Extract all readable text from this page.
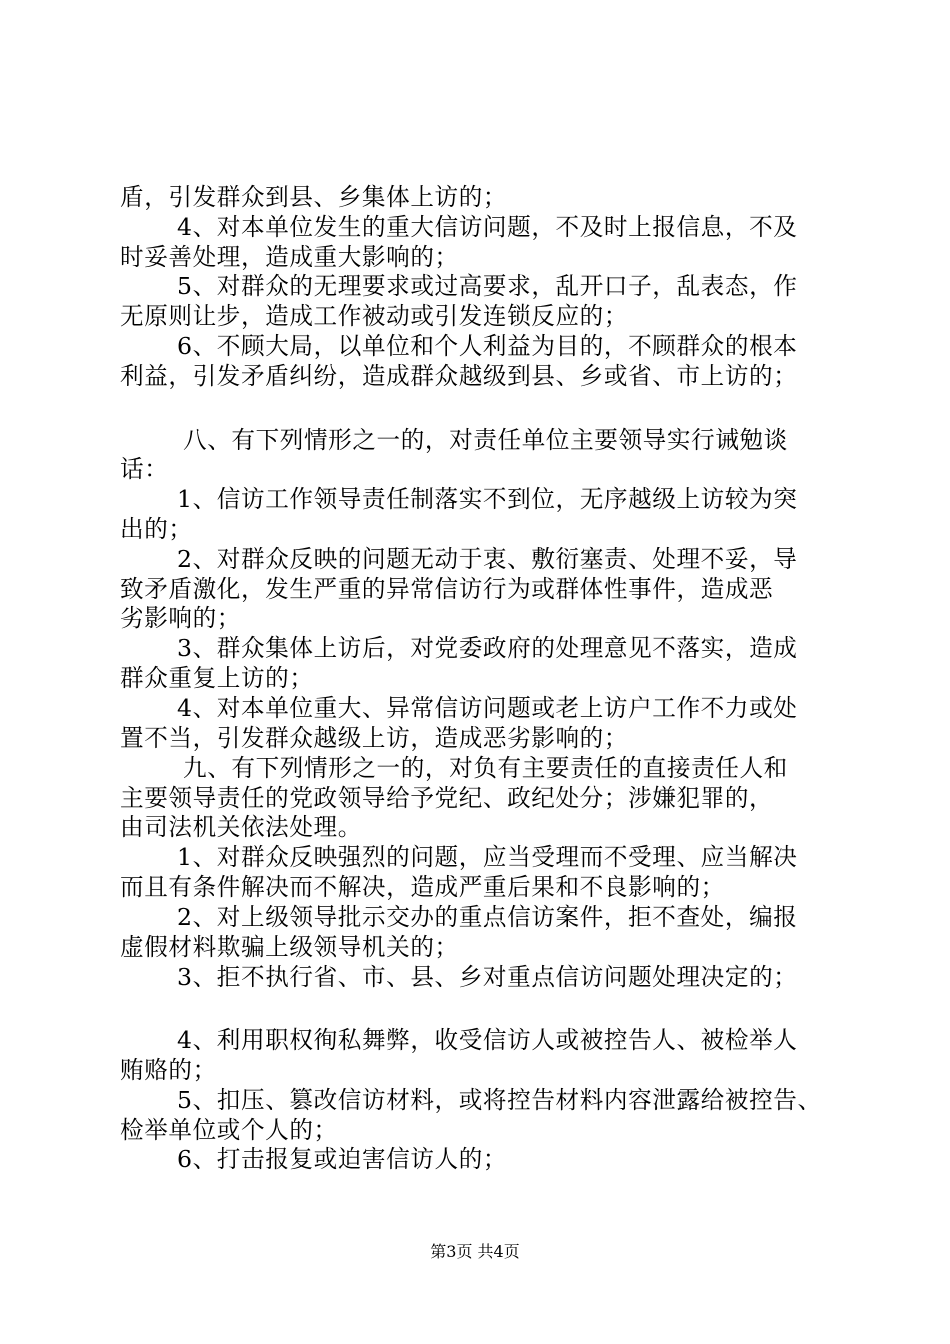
盾，引发群众到县、乡集体上访的；
4、对本单位发生的重大信访问题，不及时上报信息，不及
时妥善处理，造成重大影响的；
5、对群众的无理要求或过高要求，乱开口子，乱表态，作
无原则让步，造成工作被动或引发连锁反应的；
6、不顾大局，以单位和个人利益为目的，不顾群众的根本
利益，引发矛盾纠纷，造成群众越级到县、乡或省、市上访的；
八、有下列情形之一的，对责任单位主要领导实行诫勉谈
话：
1、信访工作领导责任制落实不到位，无序越级上访较为突
出的；
2、对群众反映的问题无动于衷、敷衍塞责、处理不妥，导
致矛盾激化，发生严重的异常信访行为或群体性事件，造成恶
劣影响的；
3、群众集体上访后，对党委政府的处理意见不落实，造成
群众重复上访的；
4、对本单位重大、异常信访问题或老上访户工作不力或处
置不当，引发群众越级上访，造成恶劣影响的；
九、有下列情形之一的，对负有主要责任的直接责任人和
主要领导责任的党政领导给予党纪、政纪处分；涉嫌犯罪的，
由司法机关依法处理。
1、对群众反映强烈的问题，应当受理而不受理、应当解决
而且有条件解决而不解决，造成严重后果和不良影响的；
2、对上级领导批示交办的重点信访案件，拒不查处，编报
虚假材料欺骗上级领导机关的；
3、拒不执行省、市、县、乡对重点信访问题处理决定的；
4、利用职权徇私舞弊，收受信访人或被控告人、被检举人
贿赂的；
5、扣压、篡改信访材料，或将控告材料内容泄露给被控告、
检举单位或个人的；
6、打击报复或迫害信访人的；
第3页 共4页
